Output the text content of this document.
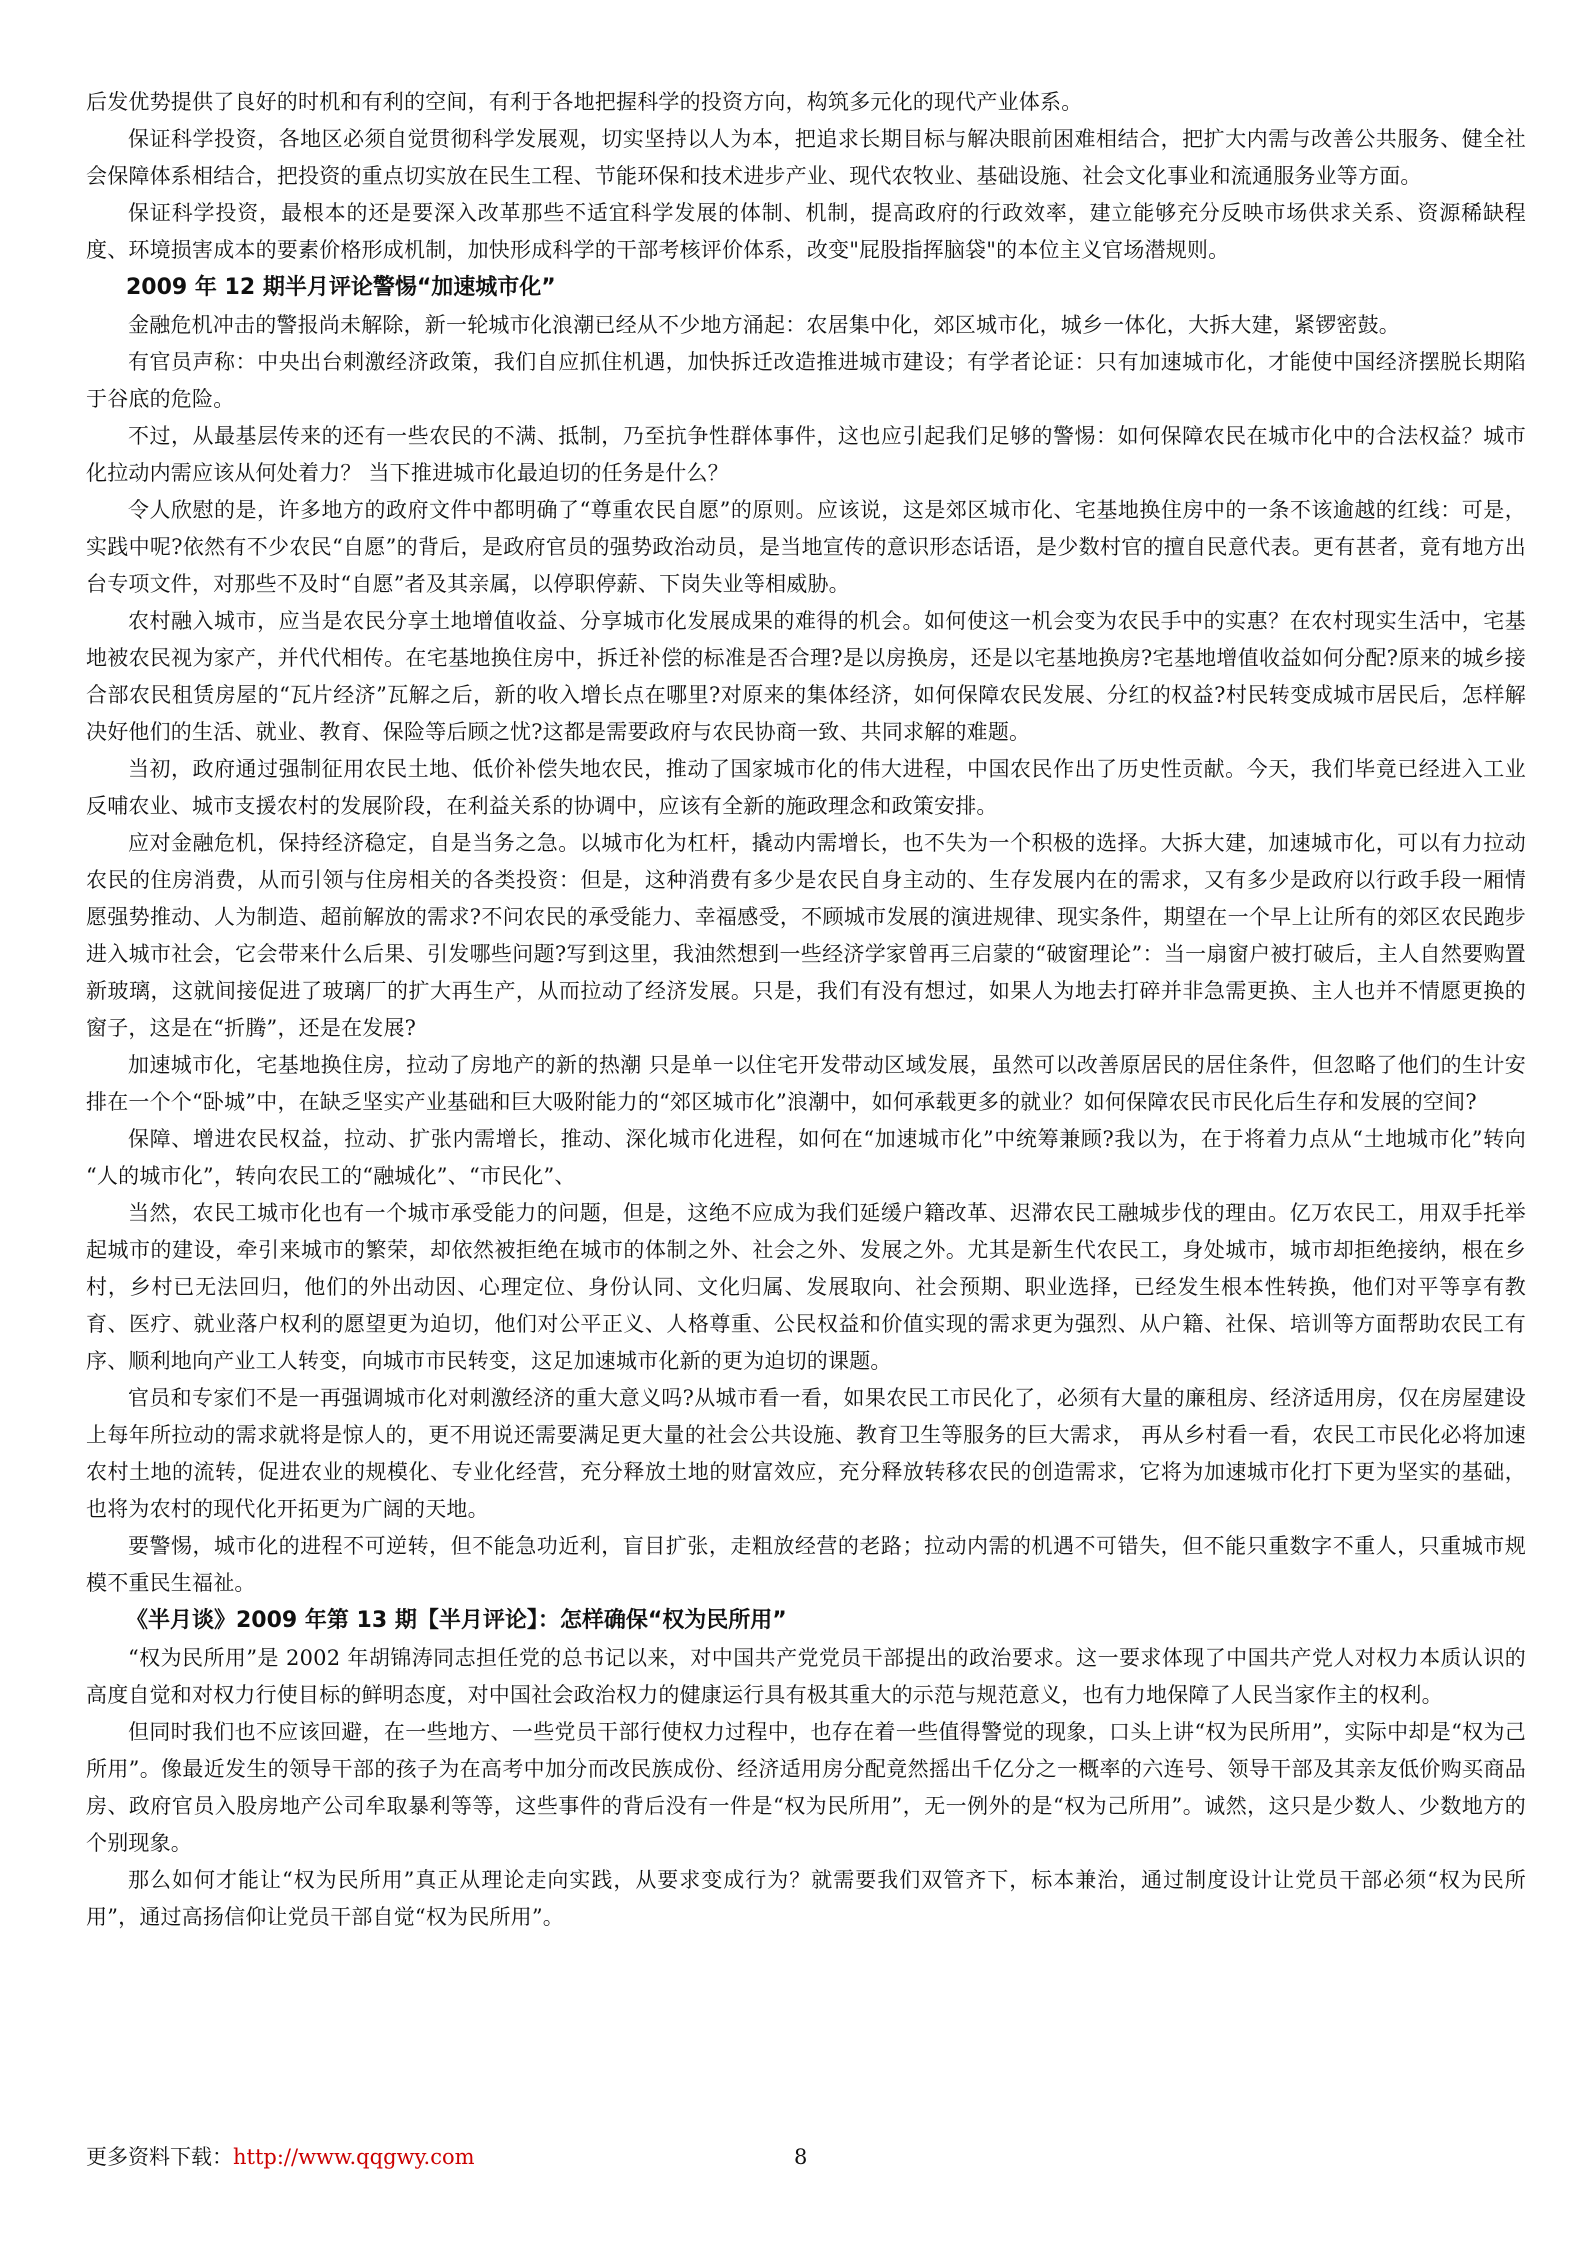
后发优势提供了良好的时机和有利的空间，有利于各地把握科学的投资方向，构筑多元化的现代产业体系。

保证科学投资，各地区必须自觉贯彻科学发展观，切实坚持以人为本，把追求长期目标与解决眼前困难相结合，把扩大内需与改善公共服务、健全社会保障体系相结合，把投资的重点切实放在民生工程、节能环保和技术进步产业、现代农牧业、基础设施、社会文化事业和流通服务业等方面。

保证科学投资，最根本的还是要深入改革那些不适宜科学发展的体制、机制，提高政府的行政效率，建立能够充分反映市场供求关系、资源稀缺程度、环境损害成本的要素价格形成机制，加快形成科学的干部考核评价体系，改变"屁股指挥脑袋"的本位主义官场潜规则。

2009 年 12 期半月评论警惕“加速城市化”

金融危机冲击的警报尚未解除，新一轮城市化浪潮已经从不少地方涌起：农居集中化，郊区城市化，城乡一体化，大拆大建，紧锣密鼓。

有官员声称：中央出台刺激经济政策，我们自应抓住机遇，加快拆迁改造推进城市建设；有学者论证：只有加速城市化，才能使中国经济摆脱长期陷于谷底的危险。

不过，从最基层传来的还有一些农民的不满、抵制，乃至抗争性群体事件，这也应引起我们足够的警惕：如何保障农民在城市化中的合法权益？城市化拉动内需应该从何处着力？ 当下推进城市化最迫切的任务是什么？

令人欣慰的是，许多地方的政府文件中都明确了“尊重农民自愿”的原则。应该说，这是郊区城市化、宅基地换住房中的一条不该逾越的红线：可是，实践中呢?依然有不少农民“自愿”的背后，是政府官员的强势政治动员，是当地宣传的意识形态话语，是少数村官的擅自民意代表。更有甚者，竟有地方出台专项文件，对那些不及时“自愿”者及其亲属，以停职停薪、下岗失业等相威胁。

农村融入城市，应当是农民分享土地增值收益、分享城市化发展成果的难得的机会。如何使这一机会变为农民手中的实惠？在农村现实生活中，宅基地被农民视为家产，并代代相传。在宅基地换住房中，拆迁补偿的标准是否合理?是以房换房，还是以宅基地换房?宅基地增值收益如何分配?原来的城乡接合部农民租赁房屋的“瓦片经济”瓦解之后，新的收入增长点在哪里?对原来的集体经济，如何保障农民发展、分红的权益?村民转变成城市居民后，怎样解决好他们的生活、就业、教育、保险等后顾之忧?这都是需要政府与农民协商一致、共同求解的难题。

当初，政府通过强制征用农民土地、低价补偿失地农民，推动了国家城市化的伟大进程，中国农民作出了历史性贡献。今天，我们毕竟已经进入工业反哺农业、城市支援农村的发展阶段，在利益关系的协调中，应该有全新的施政理念和政策安排。

应对金融危机，保持经济稳定，自是当务之急。以城市化为杠杆，撬动内需增长，也不失为一个积极的选择。大拆大建，加速城市化，可以有力拉动农民的住房消费，从而引领与住房相关的各类投资：但是，这种消费有多少是农民自身主动的、生存发展内在的需求，又有多少是政府以行政手段一厢情愿强势推动、人为制造、超前解放的需求?不问农民的承受能力、幸福感受，不顾城市发展的演进规律、现实条件，期望在一个早上让所有的郊区农民跑步进入城市社会，它会带来什么后果、引发哪些问题?写到这里，我油然想到一些经济学家曾再三启蒙的“破窗理论”：当一扇窗户被打破后，主人自然要购置新玻璃，这就间接促进了玻璃厂的扩大再生产，从而拉动了经济发展。只是，我们有没有想过，如果人为地去打碎并非急需更换、主人也并不情愿更换的窗子，这是在“折腾”，还是在发展?

加速城市化，宅基地换住房，拉动了房地产的新的热潮 只是单一以住宅开发带动区域发展，虽然可以改善原居民的居住条件，但忽略了他们的生计安排在一个个“卧城”中，在缺乏坚实产业基础和巨大吸附能力的“郊区城市化”浪潮中，如何承载更多的就业？如何保障农民市民化后生存和发展的空间?

保障、增进农民权益，拉动、扩张内需增长，推动、深化城市化进程，如何在“加速城市化”中统筹兼顾?我以为，在于将着力点从“土地城市化”转向 “人的城市化”，转向农民工的“融城化”、“市民化”、

当然，农民工城市化也有一个城市承受能力的问题，但是，这绝不应成为我们延缓户籍改革、迟滞农民工融城步伐的理由。亿万农民工，用双手托举起城市的建设，牵引来城市的繁荣，却依然被拒绝在城市的体制之外、社会之外、发展之外。尤其是新生代农民工，身处城市，城市却拒绝接纳，根在乡村，乡村已无法回归，他们的外出动因、心理定位、身份认同、文化归属、发展取向、社会预期、职业选择，已经发生根本性转换，他们对平等享有教育、医疗、就业落户权利的愿望更为迫切，他们对公平正义、人格尊重、公民权益和价值实现的需求更为强烈、从户籍、社保、培训等方面帮助农民工有序、顺利地向产业工人转变，向城市市民转变，这足加速城市化新的更为迫切的课题。

官员和专家们不是一再强调城市化对刺激经济的重大意义吗?从城市看一看，如果农民工市民化了，必须有大量的廉租房、经济适用房，仅在房屋建设上每年所拉动的需求就将是惊人的，更不用说还需要满足更大量的社会公共设施、教育卫生等服务的巨大需求， 再从乡村看一看，农民工市民化必将加速农村土地的流转，促进农业的规模化、专业化经营，充分释放土地的财富效应，充分释放转移农民的创造需求，它将为加速城市化打下更为坚实的基础，也将为农村的现代化开拓更为广阔的天地。

要警惕，城市化的进程不可逆转，但不能急功近利，盲目扩张，走粗放经营的老路；拉动内需的机遇不可错失，但不能只重数字不重人，只重城市规模不重民生福祉。

《半月谈》2009 年第 13 期【半月评论】：怎样确保“权为民所用”

“权为民所用”是 2002 年胡锦涛同志担任党的总书记以来，对中国共产党党员干部提出的政治要求。这一要求体现了中国共产党人对权力本质认识的高度自觉和对权力行使目标的鲜明态度，对中国社会政治权力的健康运行具有极其重大的示范与规范意义，也有力地保障了人民当家作主的权利。

但同时我们也不应该回避，在一些地方、一些党员干部行使权力过程中，也存在着一些值得警觉的现象，口头上讲“权为民所用”，实际中却是“权为己所用”。像最近发生的领导干部的孩子为在高考中加分而改民族成份、经济适用房分配竟然摇出千亿分之一概率的六连号、领导干部及其亲友低价购买商品房、政府官员入股房地产公司牟取暴利等等，这些事件的背后没有一件是“权为民所用”，无一例外的是“权为己所用”。诚然，这只是少数人、少数地方的个别现象。

那么如何才能让“权为民所用”真正从理论走向实践，从要求变成行为？就需要我们双管齐下，标本兼治，通过制度设计让党员干部必须“权为民所用”，通过高扬信仰让党员干部自觉“权为民所用”。

更多资料下载：http://www.qqgwy.com	8
